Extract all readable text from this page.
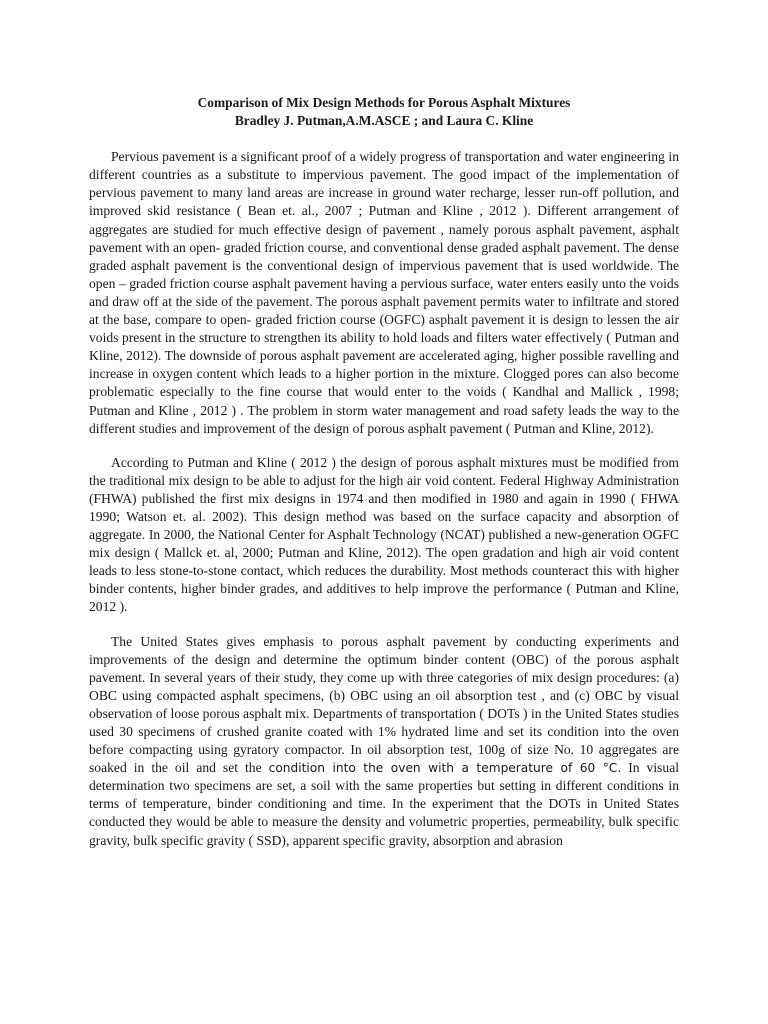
Comparison of Mix Design Methods for Porous Asphalt Mixtures
Bradley J. Putman,A.M.ASCE ; and Laura C. Kline

Pervious pavement is a significant proof of a widely progress of transportation and water engineering in different countries as a substitute to impervious pavement. The good impact of the implementation of pervious pavement to many land areas are increase in ground water recharge, lesser run-off pollution, and improved skid resistance ( Bean et. al., 2007 ; Putman and Kline , 2012 ). Different arrangement of aggregates are studied for much effective design of pavement , namely porous asphalt pavement, asphalt pavement with an open- graded friction course, and conventional dense graded asphalt pavement. The dense graded asphalt pavement is the conventional design of impervious pavement that is used worldwide. The open – graded friction course asphalt pavement having a pervious surface, water enters easily unto the voids and draw off at the side of the pavement. The porous asphalt pavement permits water to infiltrate and stored at the base, compare to open- graded friction course (OGFC) asphalt pavement it is design to lessen the air voids present in the structure to strengthen its ability to hold loads and filters water effectively ( Putman and Kline, 2012). The downside of porous asphalt pavement are accelerated aging, higher possible ravelling and increase in oxygen content which leads to a higher portion in the mixture. Clogged pores can also become problematic especially to the fine course that would enter to the voids ( Kandhal and Mallick , 1998; Putman and Kline , 2012 ) . The problem in storm water management and road safety leads the way to the different studies and improvement of the design of porous asphalt pavement ( Putman and Kline, 2012).

According to Putman and Kline ( 2012 ) the design of porous asphalt mixtures must be modified from the traditional mix design to be able to adjust for the high air void content. Federal Highway Administration (FHWA) published the first mix designs in 1974 and then modified in 1980 and again in 1990 ( FHWA 1990; Watson et. al. 2002). This design method was based on the surface capacity and absorption of aggregate. In 2000, the National Center for Asphalt Technology (NCAT) published a new-generation OGFC mix design ( Mallck et. al, 2000; Putman and Kline, 2012). The open gradation and high air void content leads to less stone-to-stone contact, which reduces the durability. Most methods counteract this with higher binder contents, higher binder grades, and additives to help improve the performance ( Putman and Kline, 2012 ).

The United States gives emphasis to porous asphalt pavement by conducting experiments and improvements of the design and determine the optimum binder content (OBC) of the porous asphalt pavement. In several years of their study, they come up with three categories of mix design procedures: (a) OBC using compacted asphalt specimens, (b) OBC using an oil absorption test , and (c) OBC by visual observation of loose porous asphalt mix. Departments of transportation ( DOTs ) in the United States studies used 30 specimens of crushed granite coated with 1% hydrated lime and set its condition into the oven before compacting using gyratory compactor. In oil absorption test, 100g of size No. 10 aggregates are soaked in the oil and set the condition into the oven with a temperature of 60 °C. In visual determination two specimens are set, a soil with the same properties but setting in different conditions in terms of temperature, binder conditioning and time. In the experiment that the DOTs in United States conducted they would be able to measure the density and volumetric properties, permeability, bulk specific gravity, bulk specific gravity ( SSD), apparent specific gravity, absorption and abrasion
